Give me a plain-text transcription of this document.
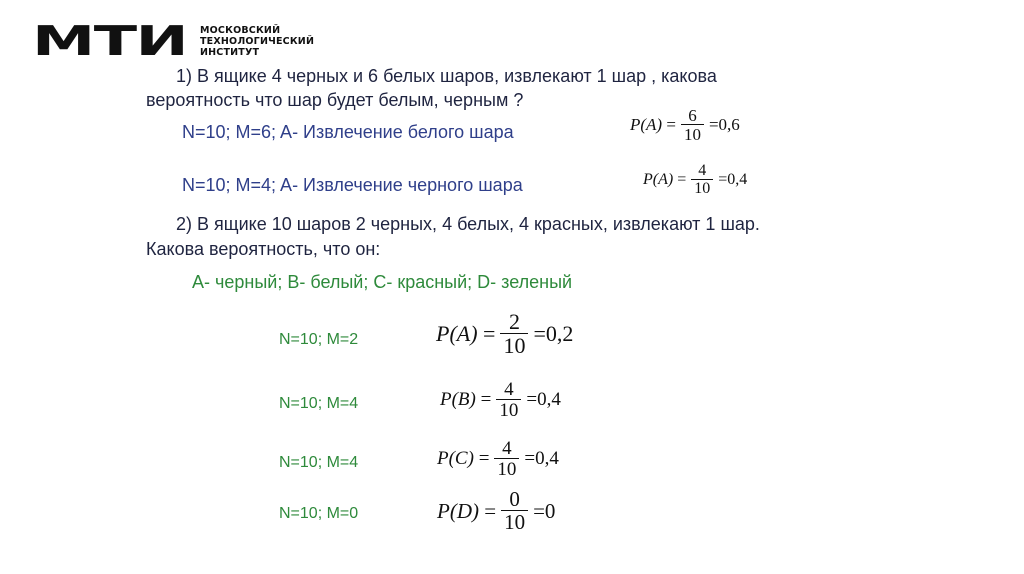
МТИ	МОСКОВСКИЙ
ТЕХНОЛОГИЧЕСКИЙ
ИНСТИТУТ
1) В ящике 4 черных и 6 белых шаров, извлекают 1 шар , какова
вероятность что шар будет белым, черным ?
N=10; M=6; A- Извлечение белого шара	$P(A) = \frac{6}{10} = 0,6$
N=10; M=4; A- Извлечение черного шара	$P(A) = \frac{4}{10} = 0,4$
2) В ящике 10 шаров 2 черных, 4 белых, 4 красных, извлекают 1 шар.
Какова вероятность, что он:
A- черный; B- белый; C- красный; D- зеленый
N=10; M=2	$P(A) = \frac{2}{10} = 0,2$
N=10; M=4	$P(B) = \frac{4}{10} = 0,4$
N=10; M=4	$P(C) = \frac{4}{10} = 0,4$
N=10; M=0	$P(D) = \frac{0}{10} = 0$
